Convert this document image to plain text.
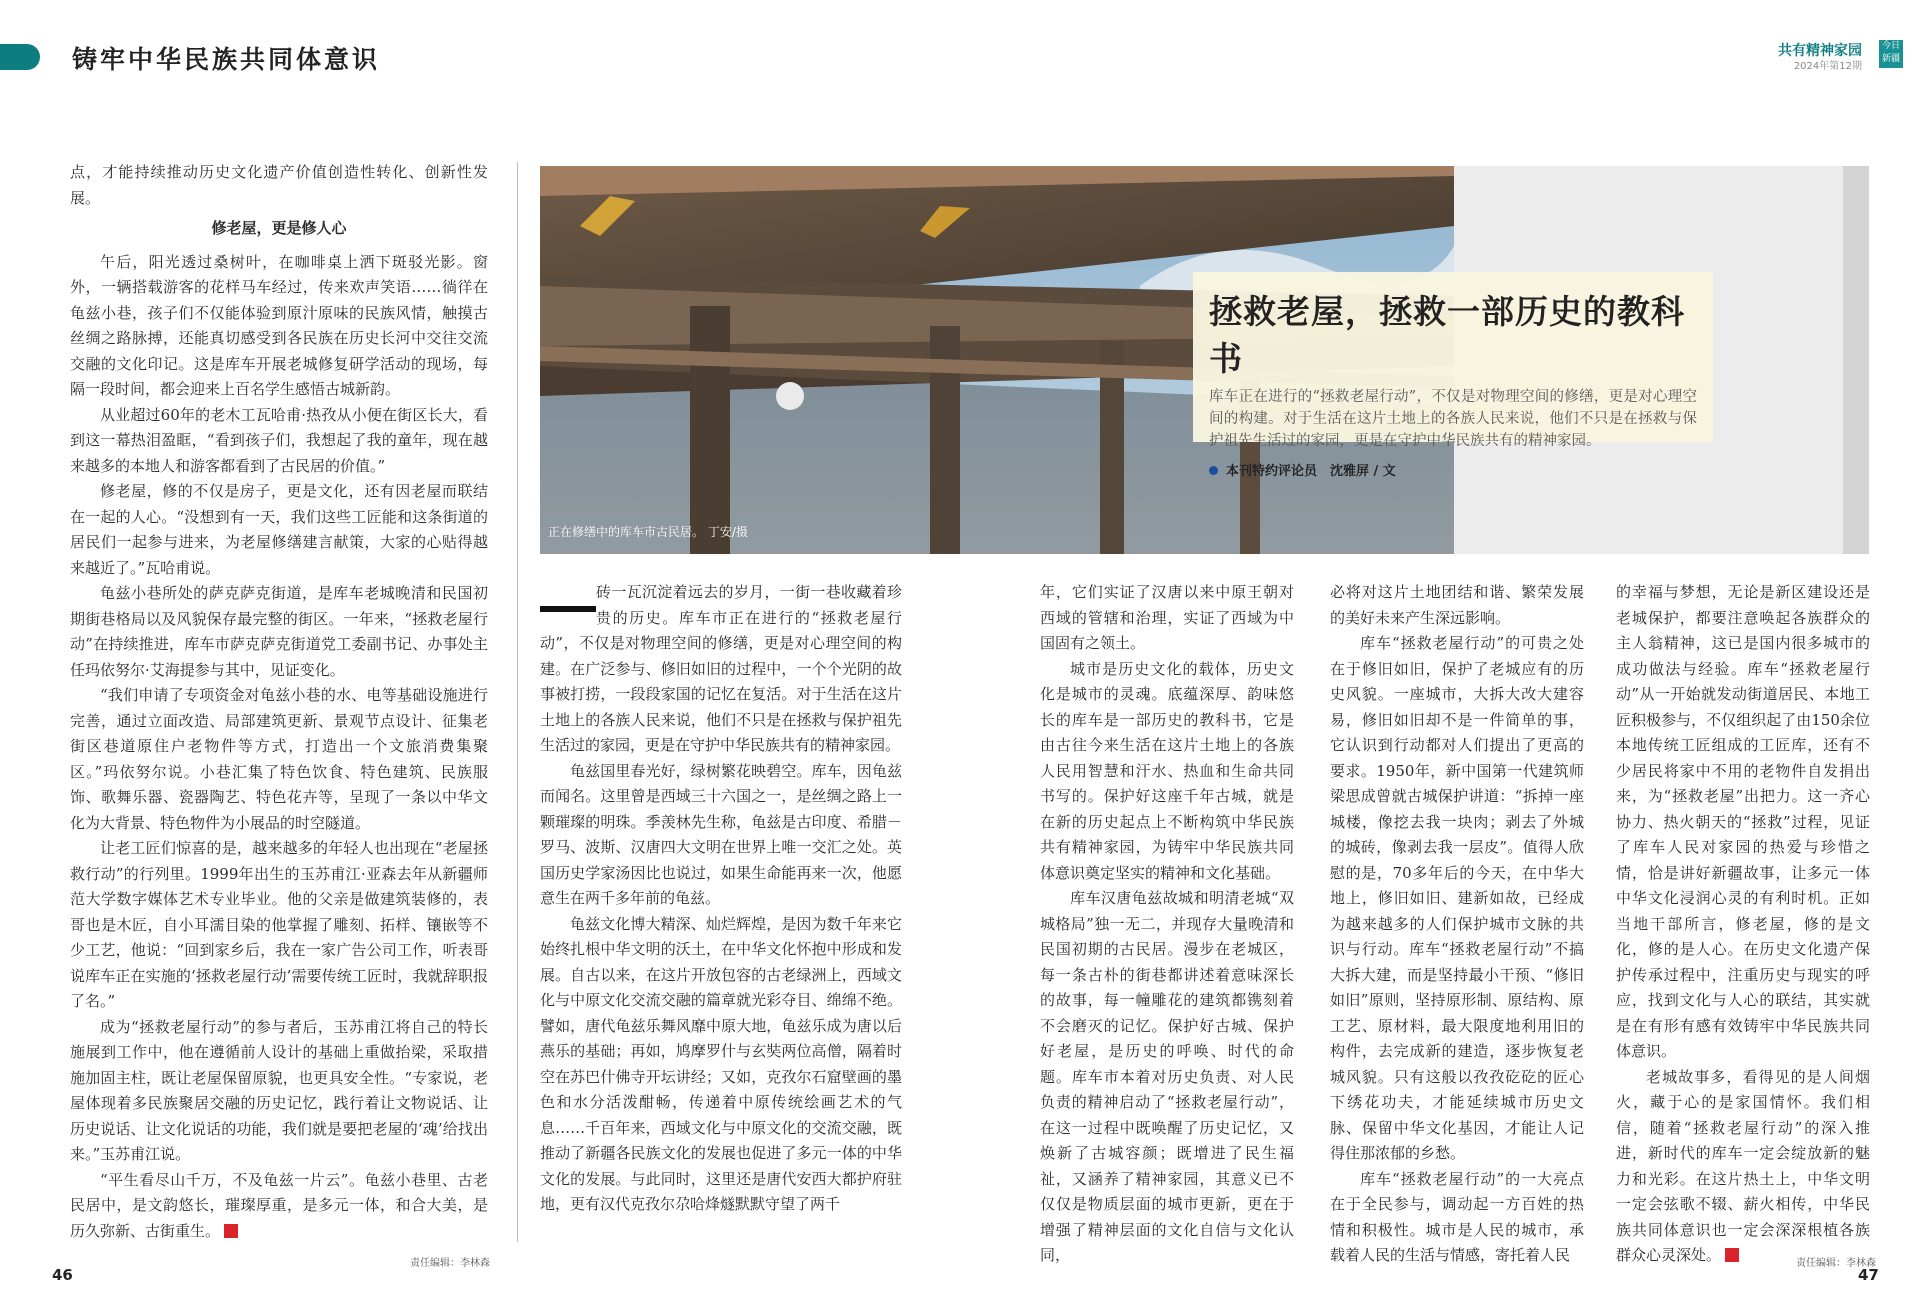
铸牢中华民族共同体意识	共有精神家园
2024年第12期
今日新疆

点，才能持续推动历史文化遗产价值创造性转化、创新性发展。

修老屋，更是修人心

午后，阳光透过桑树叶，在咖啡桌上洒下斑驳光影。窗外，一辆搭载游客的花样马车经过，传来欢声笑语……徜徉在龟兹小巷，孩子们不仅能体验到原汁原味的民族风情，触摸古丝绸之路脉搏，还能真切感受到各民族在历史长河中交往交流交融的文化印记。这是库车开展老城修复研学活动的现场，每隔一段时间，都会迎来上百名学生感悟古城新韵。

从业超过60年的老木工瓦哈甫·热孜从小便在街区长大，看到这一幕热泪盈眶，“看到孩子们，我想起了我的童年，现在越来越多的本地人和游客都看到了古民居的价值。”

修老屋，修的不仅是房子，更是文化，还有因老屋而联结在一起的人心。“没想到有一天，我们这些工匠能和这条街道的居民们一起参与进来，为老屋修缮建言献策，大家的心贴得越来越近了。”瓦哈甫说。

龟兹小巷所处的萨克萨克街道，是库车老城晚清和民国初期街巷格局以及风貌保存最完整的街区。一年来，“拯救老屋行动”在持续推进，库车市萨克萨克街道党工委副书记、办事处主任玛依努尔·艾海提参与其中，见证变化。

“我们申请了专项资金对龟兹小巷的水、电等基础设施进行完善，通过立面改造、局部建筑更新、景观节点设计、征集老街区巷道原住户老物件等方式，打造出一个文旅消费集聚区。”玛依努尔说。小巷汇集了特色饮食、特色建筑、民族服饰、歌舞乐器、瓷器陶艺、特色花卉等，呈现了一条以中华文化为大背景、特色物件为小展品的时空隧道。

让老工匠们惊喜的是，越来越多的年轻人也出现在“老屋拯救行动”的行列里。1999年出生的玉苏甫江·亚森去年从新疆师范大学数字媒体艺术专业毕业。他的父亲是做建筑装修的，表哥也是木匠，自小耳濡目染的他掌握了雕刻、拓样、镶嵌等不少工艺，他说：“回到家乡后，我在一家广告公司工作，听表哥说库车正在实施的‘拯救老屋行动’需要传统工匠时，我就辞职报了名。”

成为“拯救老屋行动”的参与者后，玉苏甫江将自己的特长施展到工作中，他在遵循前人设计的基础上重做抬梁，采取措施加固主柱，既让老屋保留原貌，也更具安全性。“专家说，老屋体现着多民族聚居交融的历史记忆，践行着让文物说话、让历史说话、让文化说话的功能，我们就是要把老屋的‘魂’给找出来。”玉苏甫江说。

“平生看尽山千万，不及龟兹一片云”。龟兹小巷里、古老民居中，是文韵悠长，璀璨厚重，是多元一体，和合大美，是历久弥新、古街重生。

责任编辑：李林森
46
正在修缮中的库车市古民居。 丁安/摄
拯救老屋，拯救一部历史的教科书
库车正在进行的“拯救老屋行动”，不仅是对物理空间的修缮，更是对心理空间的构建。对于生活在这片土地上的各族人民来说，他们不只是在拯救与保护祖先生活过的家园，更是在守护中华民族共有的精神家园。
本刊特约评论员　沈雅屏 / 文

砖一瓦沉淀着远去的岁月，一街一巷收藏着珍贵的历史。库车市正在进行的“拯救老屋行动”，不仅是对物理空间的修缮，更是对心理空间的构建。在广泛参与、修旧如旧的过程中，一个个光阴的故事被打捞，一段段家国的记忆在复活。对于生活在这片土地上的各族人民来说，他们不只是在拯救与保护祖先生活过的家园，更是在守护中华民族共有的精神家园。

龟兹国里春光好，绿树繁花映碧空。库车，因龟兹而闻名。这里曾是西域三十六国之一，是丝绸之路上一颗璀璨的明珠。季羡林先生称，龟兹是古印度、希腊－罗马、波斯、汉唐四大文明在世界上唯一交汇之处。英国历史学家汤因比也说过，如果生命能再来一次，他愿意生在两千多年前的龟兹。

龟兹文化博大精深、灿烂辉煌，是因为数千年来它始终扎根中华文明的沃土，在中华文化怀抱中形成和发展。自古以来，在这片开放包容的古老绿洲上，西域文化与中原文化交流交融的篇章就光彩夺目、绵绵不绝。譬如，唐代龟兹乐舞风靡中原大地，龟兹乐成为唐以后燕乐的基础；再如，鸠摩罗什与玄奘两位高僧，隔着时空在苏巴什佛寺开坛讲经；又如，克孜尔石窟壁画的墨色和水分活泼酣畅，传递着中原传统绘画艺术的气息……千百年来，西域文化与中原文化的交流交融，既推动了新疆各民族文化的发展也促进了多元一体的中华文化的发展。与此同时，这里还是唐代安西大都护府驻地，更有汉代克孜尔尕哈烽燧默默守望了两千

年，它们实证了汉唐以来中原王朝对西域的管辖和治理，实证了西域为中国固有之领土。

城市是历史文化的载体，历史文化是城市的灵魂。底蕴深厚、韵味悠长的库车是一部历史的教科书，它是由古往今来生活在这片土地上的各族人民用智慧和汗水、热血和生命共同书写的。保护好这座千年古城，就是在新的历史起点上不断构筑中华民族共有精神家园，为铸牢中华民族共同体意识奠定坚实的精神和文化基础。

库车汉唐龟兹故城和明清老城“双城格局”独一无二，并现存大量晚清和民国初期的古民居。漫步在老城区，每一条古朴的街巷都讲述着意味深长的故事，每一幢雕花的建筑都镌刻着不会磨灭的记忆。保护好古城、保护好老屋，是历史的呼唤、时代的命题。库车市本着对历史负责、对人民负责的精神启动了“拯救老屋行动”，在这一过程中既唤醒了历史记忆，又焕新了古城容颜；既增进了民生福祉，又涵养了精神家园，其意义已不仅仅是物质层面的城市更新，更在于增强了精神层面的文化自信与文化认同，

必将对这片土地团结和谐、繁荣发展的美好未来产生深远影响。

库车“拯救老屋行动”的可贵之处在于修旧如旧，保护了老城应有的历史风貌。一座城市，大拆大改大建容易，修旧如旧却不是一件简单的事，它认识到行动都对人们提出了更高的要求。1950年，新中国第一代建筑师梁思成曾就古城保护讲道：“拆掉一座城楼，像挖去我一块肉；剥去了外城的城砖，像剥去我一层皮”。值得人欣慰的是，70多年后的今天，在中华大地上，修旧如旧、建新如故，已经成为越来越多的人们保护城市文脉的共识与行动。库车“拯救老屋行动”不搞大拆大建，而是坚持最小干预、“修旧如旧”原则，坚持原形制、原结构、原工艺、原材料，最大限度地利用旧的构件，去完成新的建造，逐步恢复老城风貌。只有这般以孜孜矻矻的匠心下绣花功夫，才能延续城市历史文脉、保留中华文化基因，才能让人记得住那浓郁的乡愁。

库车“拯救老屋行动”的一大亮点在于全民参与，调动起一方百姓的热情和积极性。城市是人民的城市，承载着人民的生活与情感，寄托着人民

的幸福与梦想，无论是新区建设还是老城保护，都要注意唤起各族群众的主人翁精神，这已是国内很多城市的成功做法与经验。库车“拯救老屋行动”从一开始就发动街道居民、本地工匠积极参与，不仅组织起了由150余位本地传统工匠组成的工匠库，还有不少居民将家中不用的老物件自发捐出来，为“拯救老屋”出把力。这一齐心协力、热火朝天的“拯救”过程，见证了库车人民对家园的热爱与珍惜之情，恰是讲好新疆故事，让多元一体中华文化浸润心灵的有利时机。正如当地干部所言，修老屋，修的是文化，修的是人心。在历史文化遗产保护传承过程中，注重历史与现实的呼应，找到文化与人心的联结，其实就是在有形有感有效铸牢中华民族共同体意识。

老城故事多，看得见的是人间烟火，藏于心的是家国情怀。我们相信，随着“拯救老屋行动”的深入推进，新时代的库车一定会绽放新的魅力和光彩。在这片热土上，中华文明一定会弦歌不辍、薪火相传，中华民族共同体意识也一定会深深根植各族群众心灵深处。	责任编辑：李林森
47
